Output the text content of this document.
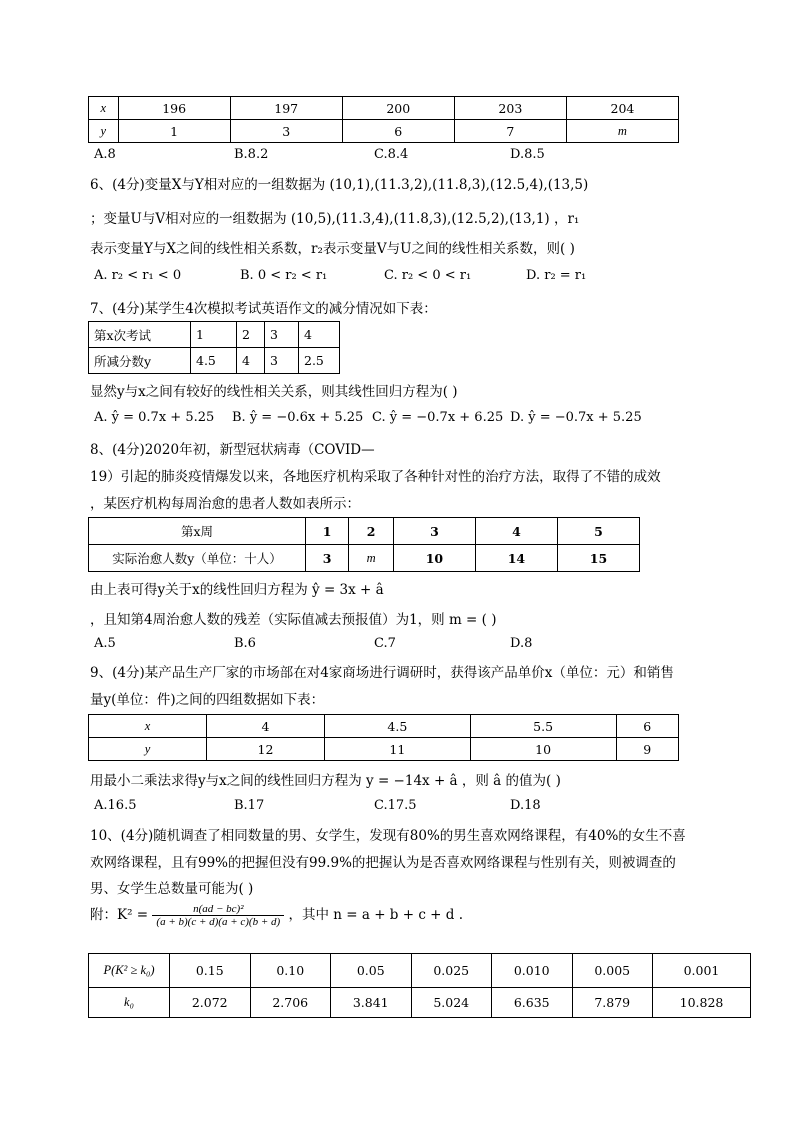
x	196	197	200	203	204
y	1	3	6	7	m
A.8	B.8.2	C.8.4	D.8.5
6、(4分)变量X与Y相对应的一组数据为 (10,1),(11.3,2),(11.8,3),(12.5,4),(13,5)
；变量U与V相对应的一组数据为 (10,5),(11.3,4),(11.8,3),(12.5,2),(13,1) ，r₁
表示变量Y与X之间的线性相关系数，r₂表示变量V与U之间的线性相关系数，则( )
A. r₂ < r₁ < 0	B. 0 < r₂ < r₁	C. r₂ < 0 < r₁	D. r₂ = r₁
7、(4分)某学生4次模拟考试英语作文的减分情况如下表：
第x次考试	1	2	3	4
所减分数y	4.5	4	3	2.5
显然y与x之间有较好的线性相关关系，则其线性回归方程为( )
A. ŷ = 0.7x + 5.25 B. ŷ = −0.6x + 5.25 C. ŷ = −0.7x + 6.25 D. ŷ = −0.7x + 5.25
8、(4分)2020年初，新型冠状病毒（COVID—
19）引起的肺炎疫情爆发以来，各地医疗机构采取了各种针对性的治疗方法，取得了不错的成效
，某医疗机构每周治愈的患者人数如表所示：
第x周	1	2	3	4	5
实际治愈人数y（单位：十人）	3	m	10	14	15
由上表可得y关于x的线性回归方程为 ŷ = 3x + â
，且知第4周治愈人数的残差（实际值减去预报值）为1，则 m = ( )
A.5	B.6	C.7	D.8
9、(4分)某产品生产厂家的市场部在对4家商场进行调研时，获得该产品单价x（单位：元）和销售
量y(单位：件)之间的四组数据如下表：
x	4	4.5	5.5	6
y	12	11	10	9
用最小二乘法求得y与x之间的线性回归方程为 y = −14x + â ，则 â 的值为( )
A.16.5	B.17	C.17.5	D.18
10、(4分)随机调查了相同数量的男、女学生，发现有80%的男生喜欢网络课程，有40%的女生不喜
欢网络课程，且有99%的把握但没有99.9%的把握认为是否喜欢网络课程与性别有关，则被调查的
男、女学生总数量可能为( )
附：$K^2 = \frac{\text{n(ad − bc)²}}{(a + b)(c + d)(a + c)(b + d)}$ ，其中 n = a + b + c + d .
P(K² ≥ k₀)	0.15	0.10	0.05	0.025	0.010	0.005	0.001
k₀	2.072	2.706	3.841	5.024	6.635	7.879	10.828
